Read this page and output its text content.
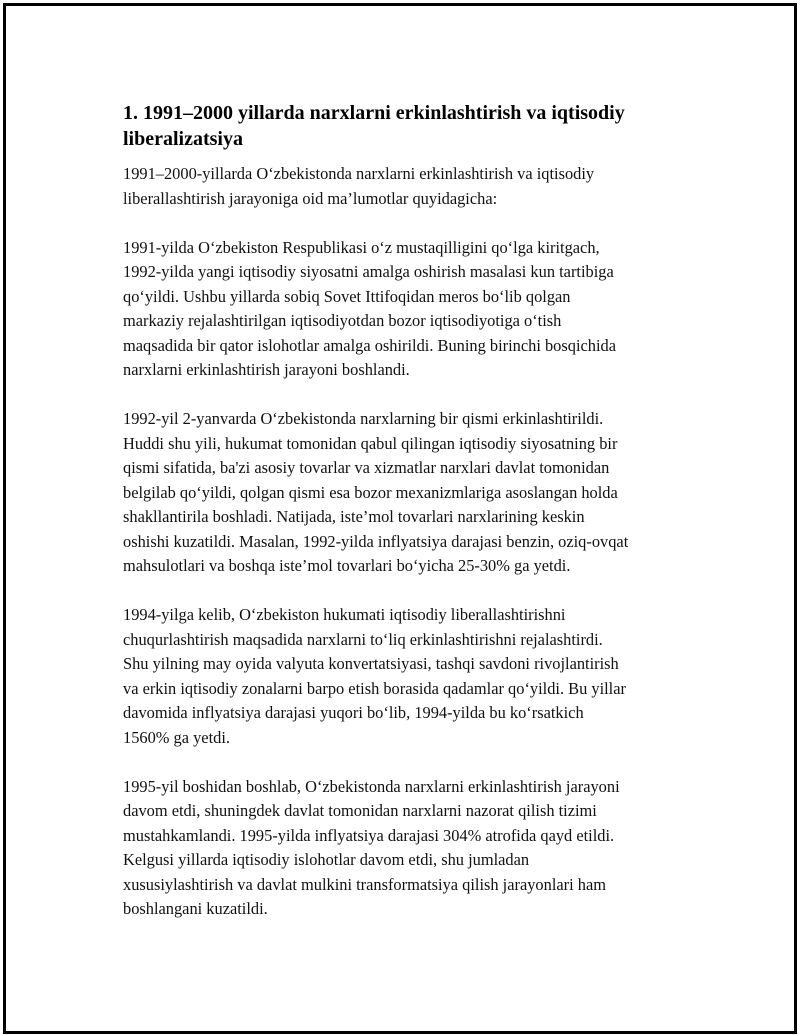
1. 1991–2000 yillarda narxlarni erkinlashtirish va iqtisodiy liberalizatsiya

1991–2000-yillarda O‘zbekistonda narxlarni erkinlashtirish va iqtisodiy
liberallashtirish jarayoniga oid ma’lumotlar quyidagicha:

1991-yilda O‘zbekiston Respublikasi o‘z mustaqilligini qo‘lga kiritgach,
1992-yilda yangi iqtisodiy siyosatni amalga oshirish masalasi kun tartibiga
qo‘yildi. Ushbu yillarda sobiq Sovet Ittifoqidan meros bo‘lib qolgan
markaziy rejalashtirilgan iqtisodiyotdan bozor iqtisodiyotiga o‘tish
maqsadida bir qator islohotlar amalga oshirildi. Buning birinchi bosqichida
narxlarni erkinlashtirish jarayoni boshlandi.

1992-yil 2-yanvarda O‘zbekistonda narxlarning bir qismi erkinlashtirildi.
Huddi shu yili, hukumat tomonidan qabul qilingan iqtisodiy siyosatning bir
qismi sifatida, ba'zi asosiy tovarlar va xizmatlar narxlari davlat tomonidan
belgilab qo‘yildi, qolgan qismi esa bozor mexanizmlariga asoslangan holda
shakllantirila boshladi. Natijada, iste’mol tovarlari narxlarining keskin
oshishi kuzatildi. Masalan, 1992-yilda inflyatsiya darajasi benzin, oziq-ovqat
mahsulotlari va boshqa iste’mol tovarlari bo‘yicha 25-30% ga yetdi.

1994-yilga kelib, O‘zbekiston hukumati iqtisodiy liberallashtirishni
chuqurlashtirish maqsadida narxlarni to‘liq erkinlashtirishni rejalashtirdi.
Shu yilning may oyida valyuta konvertatsiyasi, tashqi savdoni rivojlantirish
va erkin iqtisodiy zonalarni barpo etish borasida qadamlar qo‘yildi. Bu yillar
davomida inflyatsiya darajasi yuqori bo‘lib, 1994-yilda bu ko‘rsatkich
1560% ga yetdi.

1995-yil boshidan boshlab, O‘zbekistonda narxlarni erkinlashtirish jarayoni
davom etdi, shuningdek davlat tomonidan narxlarni nazorat qilish tizimi
mustahkamlandi. 1995-yilda inflyatsiya darajasi 304% atrofida qayd etildi.
Kelgusi yillarda iqtisodiy islohotlar davom etdi, shu jumladan
xususiylashtirish va davlat mulkini transformatsiya qilish jarayonlari ham
boshlangani kuzatildi.
